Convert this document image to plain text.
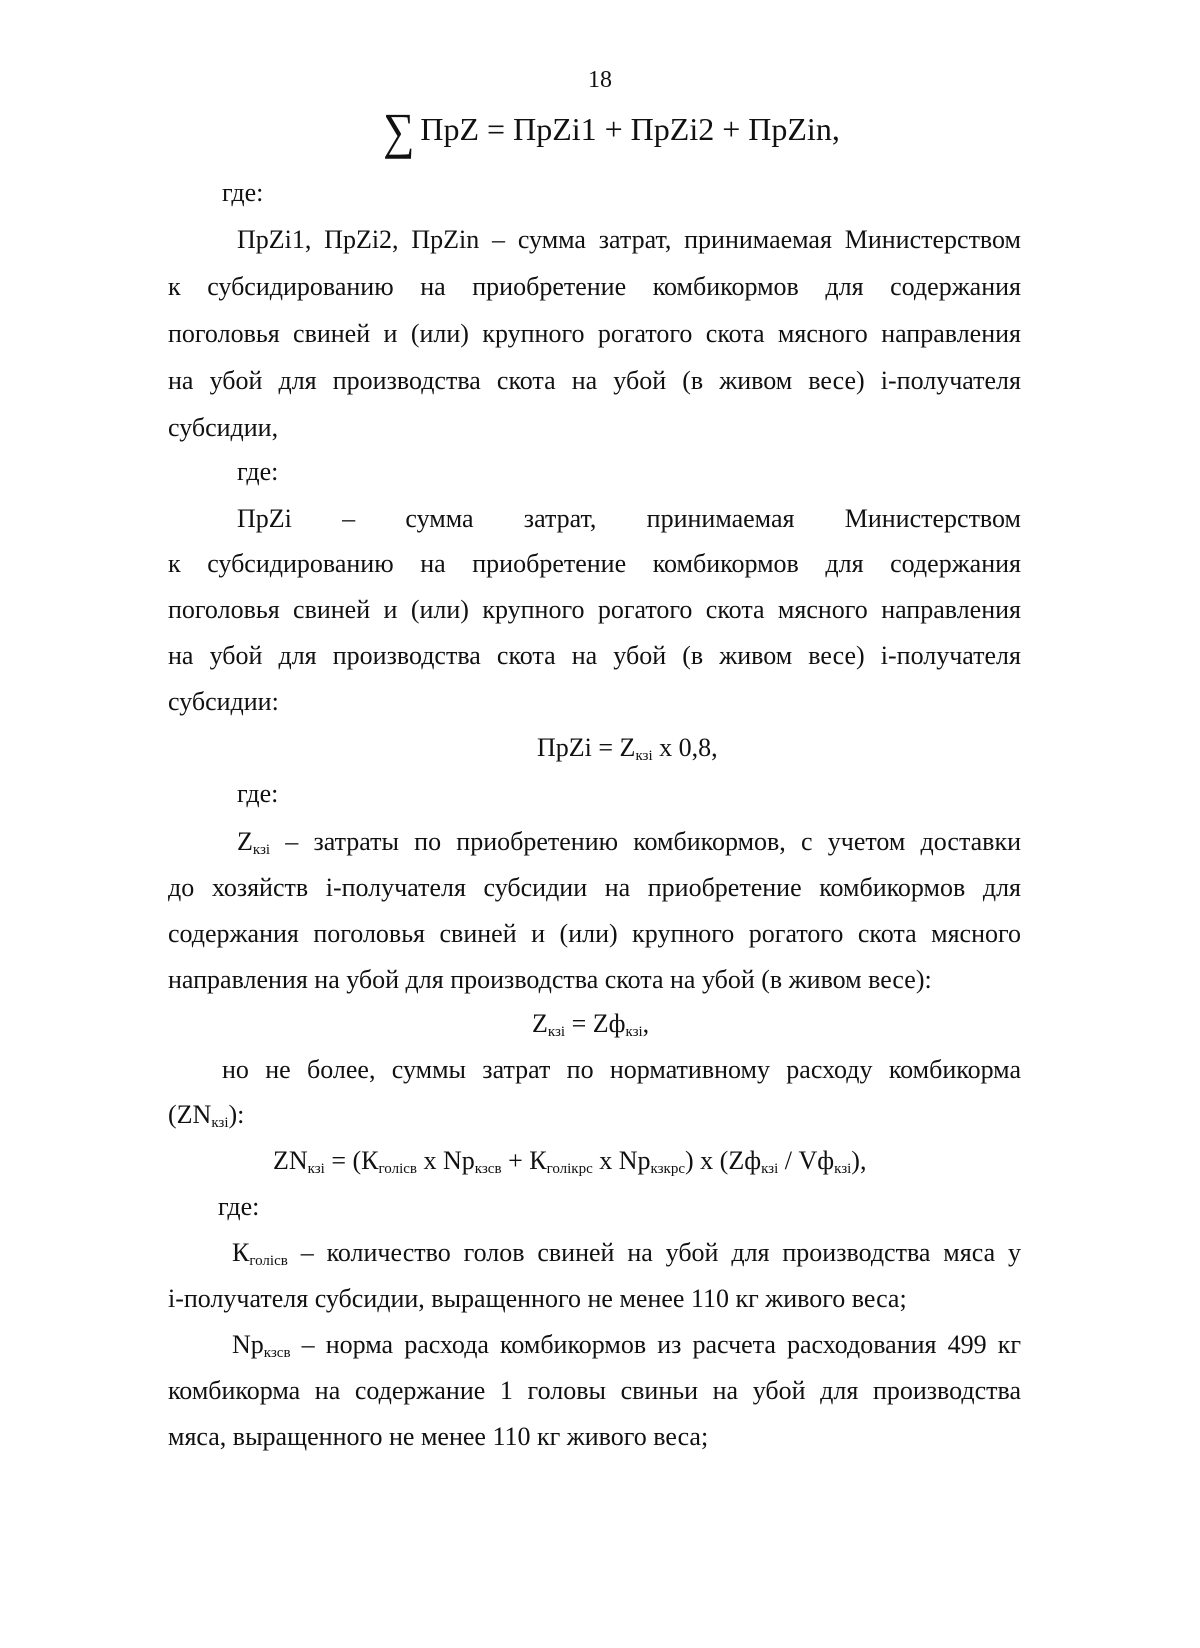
18
∑ ПрZ = ПрZi1 + ПрZi2 + ПрZin,
где:
ПрZi1, ПрZi2, ПрZin – сумма затрат, принимаемая Министерством
к субсидированию на приобретение комбикормов для содержания
поголовья свиней и (или) крупного рогатого скота мясного направления
на убой для производства скота на убой (в живом весе) i-получателя
субсидии,
где:
ПрZi – сумма затрат, принимаемая Министерством
к субсидированию на приобретение комбикормов для содержания
поголовья свиней и (или) крупного рогатого скота мясного направления
на убой для производства скота на убой (в живом весе) i-получателя
субсидии:
ПрZi = $Z_{кзі}$ x 0,8,
где:
$Z_{кзі}$ – затраты по приобретению комбикормов, с учетом доставки
до хозяйств і-получателя субсидии на приобретение комбикормов для
содержания поголовья свиней и (или) крупного рогатого скота мясного
направления на убой для производства скота на убой (в живом весе):
$Z_{кзі} = Zф_{кзі}$,
но не более, суммы затрат по нормативному расходу комбикорма
$(ZN_{кзі})$:
$ZN_{кзі} = (К_{голісв}$ x $Np_{кзсв} + К_{голікрс}$ x $Np_{кзкрс}$) x $(Zф_{кзі} / Vф_{кзі})$,
где:
$К_{голісв}$ – количество голов свиней на убой для производства мяса у
і-получателя субсидии, выращенного не менее 110 кг живого веса;
$Np_{кзсв}$ – норма расхода комбикормов из расчета расходования 499 кг
комбикорма на содержание 1 головы свиньи на убой для производства
мяса, выращенного не менее 110 кг живого веса;
